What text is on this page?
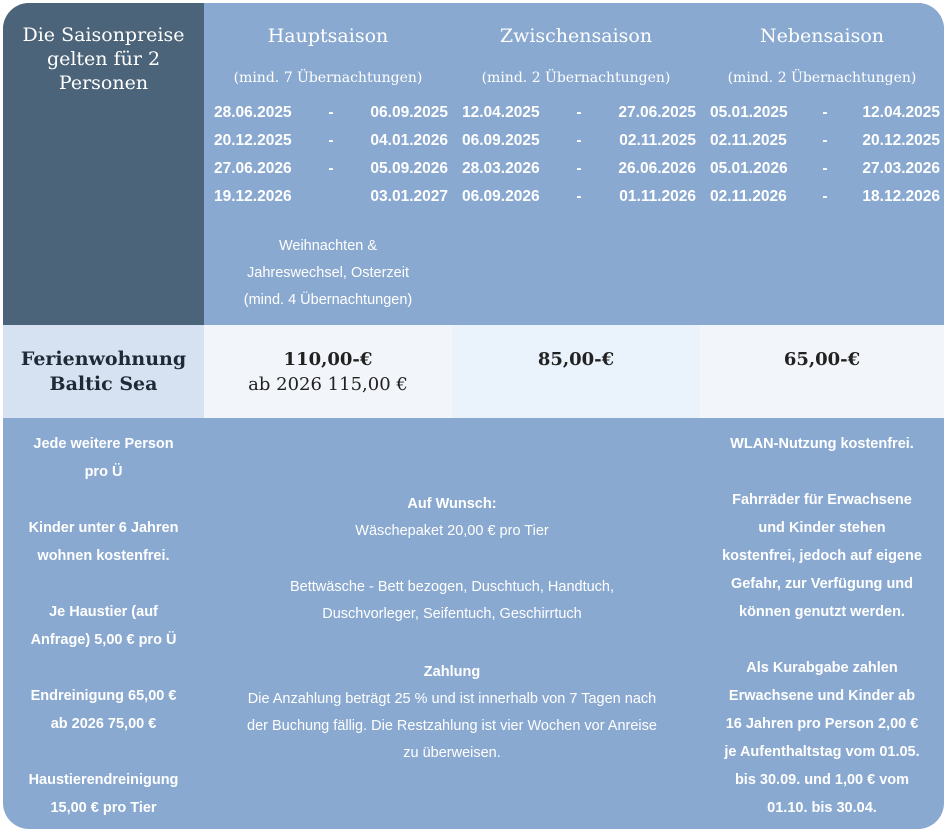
Die Saisonpreise
gelten für 2
Personen
Hauptsaison
(mind. 7 Übernachtungen)
28.06.2025 - 06.09.2025
20.12.2025 - 04.01.2026
27.06.2026 - 05.09.2026
19.12.2026	03.01.2027
Weihnachten &
Jahreswechsel, Osterzeit
(mind. 4 Übernachtungen)
Zwischensaison
(mind. 2 Übernachtungen)
12.04.2025 - 27.06.2025
06.09.2025 - 02.11.2025
28.03.2026 - 26.06.2026
06.09.2026 - 01.11.2026
Nebensaison
(mind. 2 Übernachtungen)
05.01.2025 - 12.04.2025
02.11.2025 - 20.12.2025
05.01.2026 - 27.03.2026
02.11.2026 - 18.12.2026
Ferienwohnung
Baltic Sea
110,00-€
ab 2026 115,00 €
85,00-€	65,00-€
Jede weitere Person
pro Ü
Kinder unter 6 Jahren
wohnen kostenfrei.
Je Haustier (auf
Anfrage) 5,00 € pro Ü
Endreinigung 65,00 €
ab 2026 75,00 €
Haustierendreinigung
15,00 € pro Tier
Auf Wunsch:
Wäschepaket 20,00 € pro Tier
Bettwäsche - Bett bezogen, Duschtuch, Handtuch,
Duschvorleger, Seifentuch, Geschirrtuch
Zahlung
Die Anzahlung beträgt 25 % und ist innerhalb von 7 Tagen nach
der Buchung fällig. Die Restzahlung ist vier Wochen vor Anreise
zu überweisen.
WLAN-Nutzung kostenfrei.
Fahrräder für Erwachsene
und Kinder stehen
kostenfrei, jedoch auf eigene
Gefahr, zur Verfügung und
können genutzt werden.
Als Kurabgabe zahlen
Erwachsene und Kinder ab
16 Jahren pro Person 2,00 €
je Aufenthaltstag vom 01.05.
bis 30.09. und 1,00 € vom
01.10. bis 30.04.
